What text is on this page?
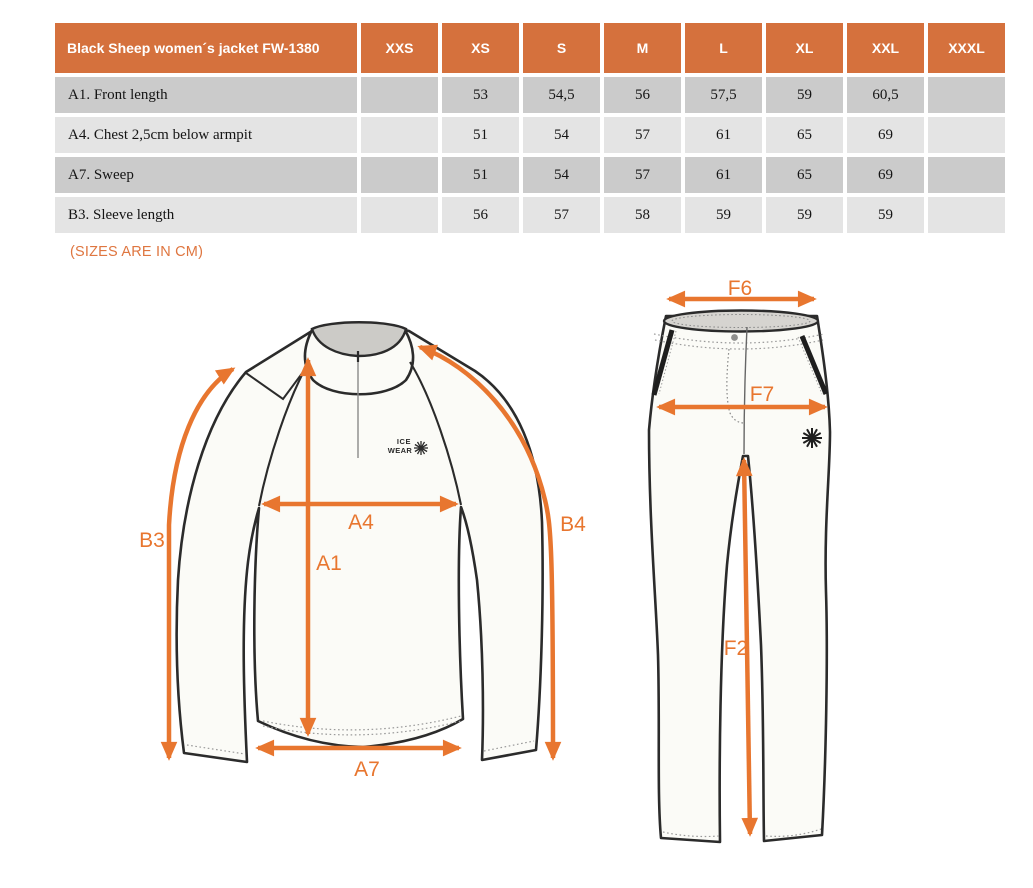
Black Sheep women´s jacket FW-1380	XXS	XS	S	M	L	XL	XXL	XXXL
A1. Front length		53	54,5	56	57,5	59	60,5	
A4. Chest 2,5cm below armpit		51	54	57	61	65	69	
A7. Sweep		51	54	57	61	65	69	
B3. Sleeve length		56	57	58	59	59	59	
(SIZES ARE IN CM)
ICE
WEAR
B3
A4
A1
B4
A7
F6
F7
F2
